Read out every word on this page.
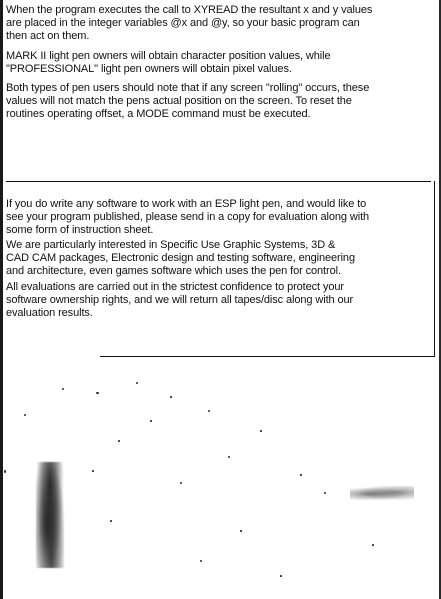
When the program executes the call to XYREAD the resultant x and y values
are placed in the integer variables @x and @y, so your basic program can
then act on them.

MARK II light pen owners will obtain character position values, while
"PROFESSIONAL" light pen owners will obtain pixel values.

Both types of pen users should note that if any screen "rolling" occurs, these
values will not match the pens actual position on the screen. To reset the
routines operating offset, a MODE command must be executed.

If you do write any software to work with an ESP light pen, and would like to
see your program published, please send in a copy for evaluation along with
some form of instruction sheet.

We are particularly interested in Specific Use Graphic Systems, 3D &
CAD CAM packages, Electronic design and testing software, engineering
and architecture, even games software which uses the pen for control.

All evaluations are carried out in the strictest confidence to protect your
software ownership rights, and we will return all tapes/disc along with our
evaluation results.
